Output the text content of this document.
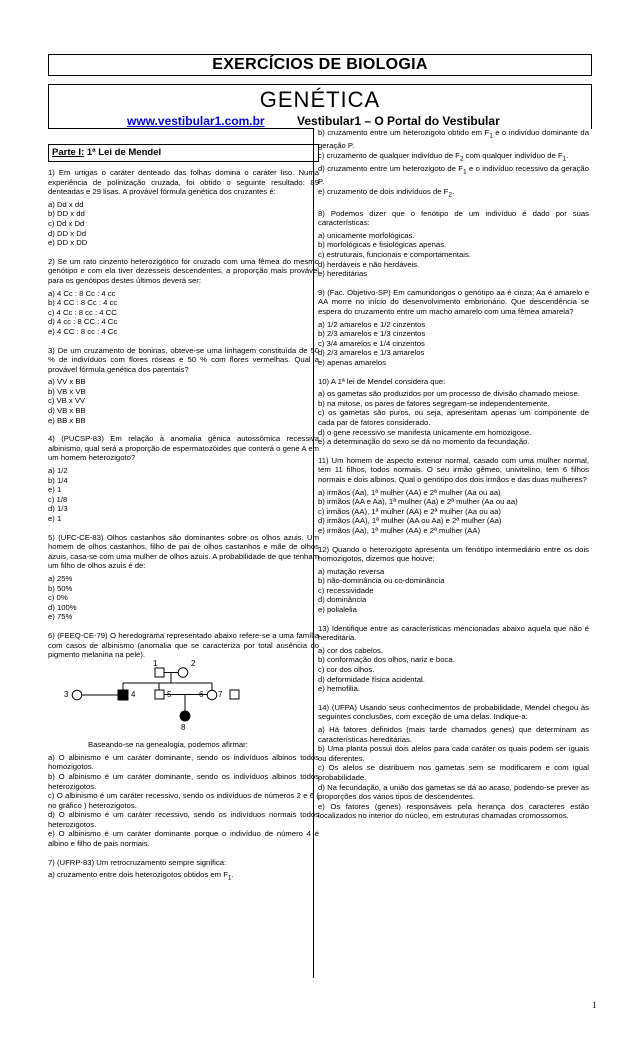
EXERCÍCIOS DE BIOLOGIA
GENÉTICA
www.vestibular1.com.br	Vestibular1 – O Portal do Vestibular
Parte I: 1ª Lei de Mendel

1) Em urtigas o caráter denteado das folhas domina o caráter liso. Numa experiência de polinização cruzada, foi obtido o seguinte resultado: 89 denteadas e 29 lisas. A provável fórmula genética dos cruzantes é:

a) Dd x dd
b) DD x dd
c) Dd x Dd
d) DD x Dd
e) DD x DD

2) Se um rato cinzento heterozigótico for cruzado com uma fêmea do mesmo genótipo e com ela tiver dezesseis descendentes, a proporção mais provável para os genótipos destes últimos deverá ser:

a) 4 Cc : 8 Cc : 4 cc
b) 4 CC : 8 Cc : 4 cc
c) 4 Cc : 8 cc : 4 CC
d) 4 cc : 8 CC : 4 Cc
e) 4 CC : 8 cc : 4 Cc

3) De um cruzamento de boninas, obteve-se uma linhagem constituída de 50 % de indivíduos com flores róseas e 50 % com flores vermelhas. Qual a provável fórmula genética dos parentais?

a) VV x BB
b) VB x VB
c) VB x VV
d) VB x BB
e) BB x BB

4) (PUCSP-83) Em relação à anomalia gênica autossômica recessiva albinismo, qual será a proporção de espermatozóides que conterá o gene A em um homem heterozigoto?

a) 1/2
b) 1/4
e) 1
c) 1/8
d) 1/3
e) 1

5) (UFC-CE-83) Olhos castanhos são dominantes sobre os olhos azuis. Um homem de olhos castanhos, filho de pai de olhos castanhos e mãe de olhos azuis, casa-se com uma mulher de olhos azuis. A probabilidade de que tenham um filho de olhos azuis é de:

a) 25%
b) 50%
c) 0%
d) 100%
e) 75%

6) (FEEQ-CE-79) O heredograma representado abaixo refere-se a uma família com casos de albinismo (anomalia que se caracteriza por total ausência do pigmento melanina na pele).

1	2
3	4	5	6 7
8
Baseando-se na genealogia, podemos afirmar:

a) O albinismo é um caráter dominante, sendo os indivíduos albinos todos homozigotos.

b) O albinismo é um caráter dominante, sendo os indivíduos albinos todos heterozigotos.

c) O albinismo é um caráter recessivo, sendo os indivíduos de números 2 e 6 ( no gráfico ) heterozigotos.

d) O albinismo é um caráter recessivo, sendo os indivíduos normais todos heterozigotos.

e) O albinismo é um caráter dominante porque o indivíduo de número 4 é albino e filho de pais normais.

7) (UFRP-83) Um retrocruzamento sempre significa:

a) cruzamento entre dois heterozigotos obtidos em $F_1$.

b) cruzamento entre um heterozigoto obtido em $F_1$ e o indivíduo dominante da geração P.

c) cruzamento de qualquer indivíduo de $F_2$ com qualquer indivíduo de $F_1$.

d) cruzamento entre um heterozigoto de $F_1$ e o indivíduo recessivo da geração P.

e) cruzamento de dois indivíduos de $F_2$.

8) Podemos dizer que o fenótipo de um indivíduo é dado por suas características:

a) unicamente morfológicas.
b) morfológicas e fisiológicas apenas.
c) estruturais, funcionais e comportamentais.
d) herdáveis e não herdáveis.
e) hereditárias

9) (Fac. Objetivo-SP) Em camundongos o genótipo aa é cinza; Aa é amarelo e AA morre no início do desenvolvimento embrionário. Que descendência se espera do cruzamento entre um macho amarelo com uma fêmea amarela?

a) 1/2 amarelos e 1/2 cinzentos
b) 2/3 amarelos e 1/3 cinzentos
c) 3/4 amarelos e 1/4 cinzentos
d) 2/3 amarelos e 1/3 amarelos
e) apenas amarelos

10) A 1ª lei de Mendel considera que:

a) os gametas são produzidos por um processo de divisão chamado meiose.

b) na mitose, os pares de fatores segregam-se independentemente.

c) os gametas são puros, ou seja, apresentam apenas um componente de cada par de fatores considerado.

d) o gene recessivo se manifesta unicamente em homozigose.

e) a determinação do sexo se dá no momento da fecundação.

11) Um homem de aspecto exterior normal, casado com uma mulher normal, tem 11 filhos, todos normais. O seu irmão gêmeo, univitelino, tem 6 filhos normais e dois albinos. Qual o genótipo dos dois irmãos e das duas mulheres?

a) irmãos (Aa), 1ª mulher (AA) e 2ª mulher (Aa ou aa)
b) irmãos (AA e Aa), 1ª mulher (Aa) e 2ª mulher (Aa ou aa)
c) irmãos (AA), 1ª mulher (AA) e 2ª mulher (Aa ou aa)
d) irmãos (AA), 1ª mulher (AA ou Aa) e 2ª mulher (Aa)
e) irmãos (Aa), 1ª mulher (AA) e 2ª mulher (AA)

12) Quando o heterozigoto apresenta um fenótipo intermediário entre os dois homozigotos, dizemos que houve:

a) mutação reversa
b) não-dominância ou co-dominância
c) recessividade
d) dominância
e) polialelia

13) Identifique entre as características mencionadas abaixo aquela que não é hereditária.

a) cor dos cabelos.
b) conformação dos olhos, nariz e boca.
c) cor dos olhos.
d) deformidade física acidental.
e) hemofilia.

14) (UFPA) Usando seus conhecimentos de probabilidade, Mendel chegou às seguintes conclusões, com exceção de uma delas. Indique-a:

a) Há fatores definidos (mais tarde chamados genes) que determinam as características hereditárias.

b) Uma planta possui dois alelos para cada caráter os quais podem ser iguais ou diferentes.

c) Os alelos se distribuem nos gametas sem se modificarem e com igual probabilidade.

d) Na fecundação, a união dos gametas se dá ao acaso, podendo-se prever as proporções dos vários tipos de descendentes.

e) Os fatores (genes) responsáveis pela herança dos caracteres estão localizados no interior do núcleo, em estruturas chamadas cromossomos.

1
